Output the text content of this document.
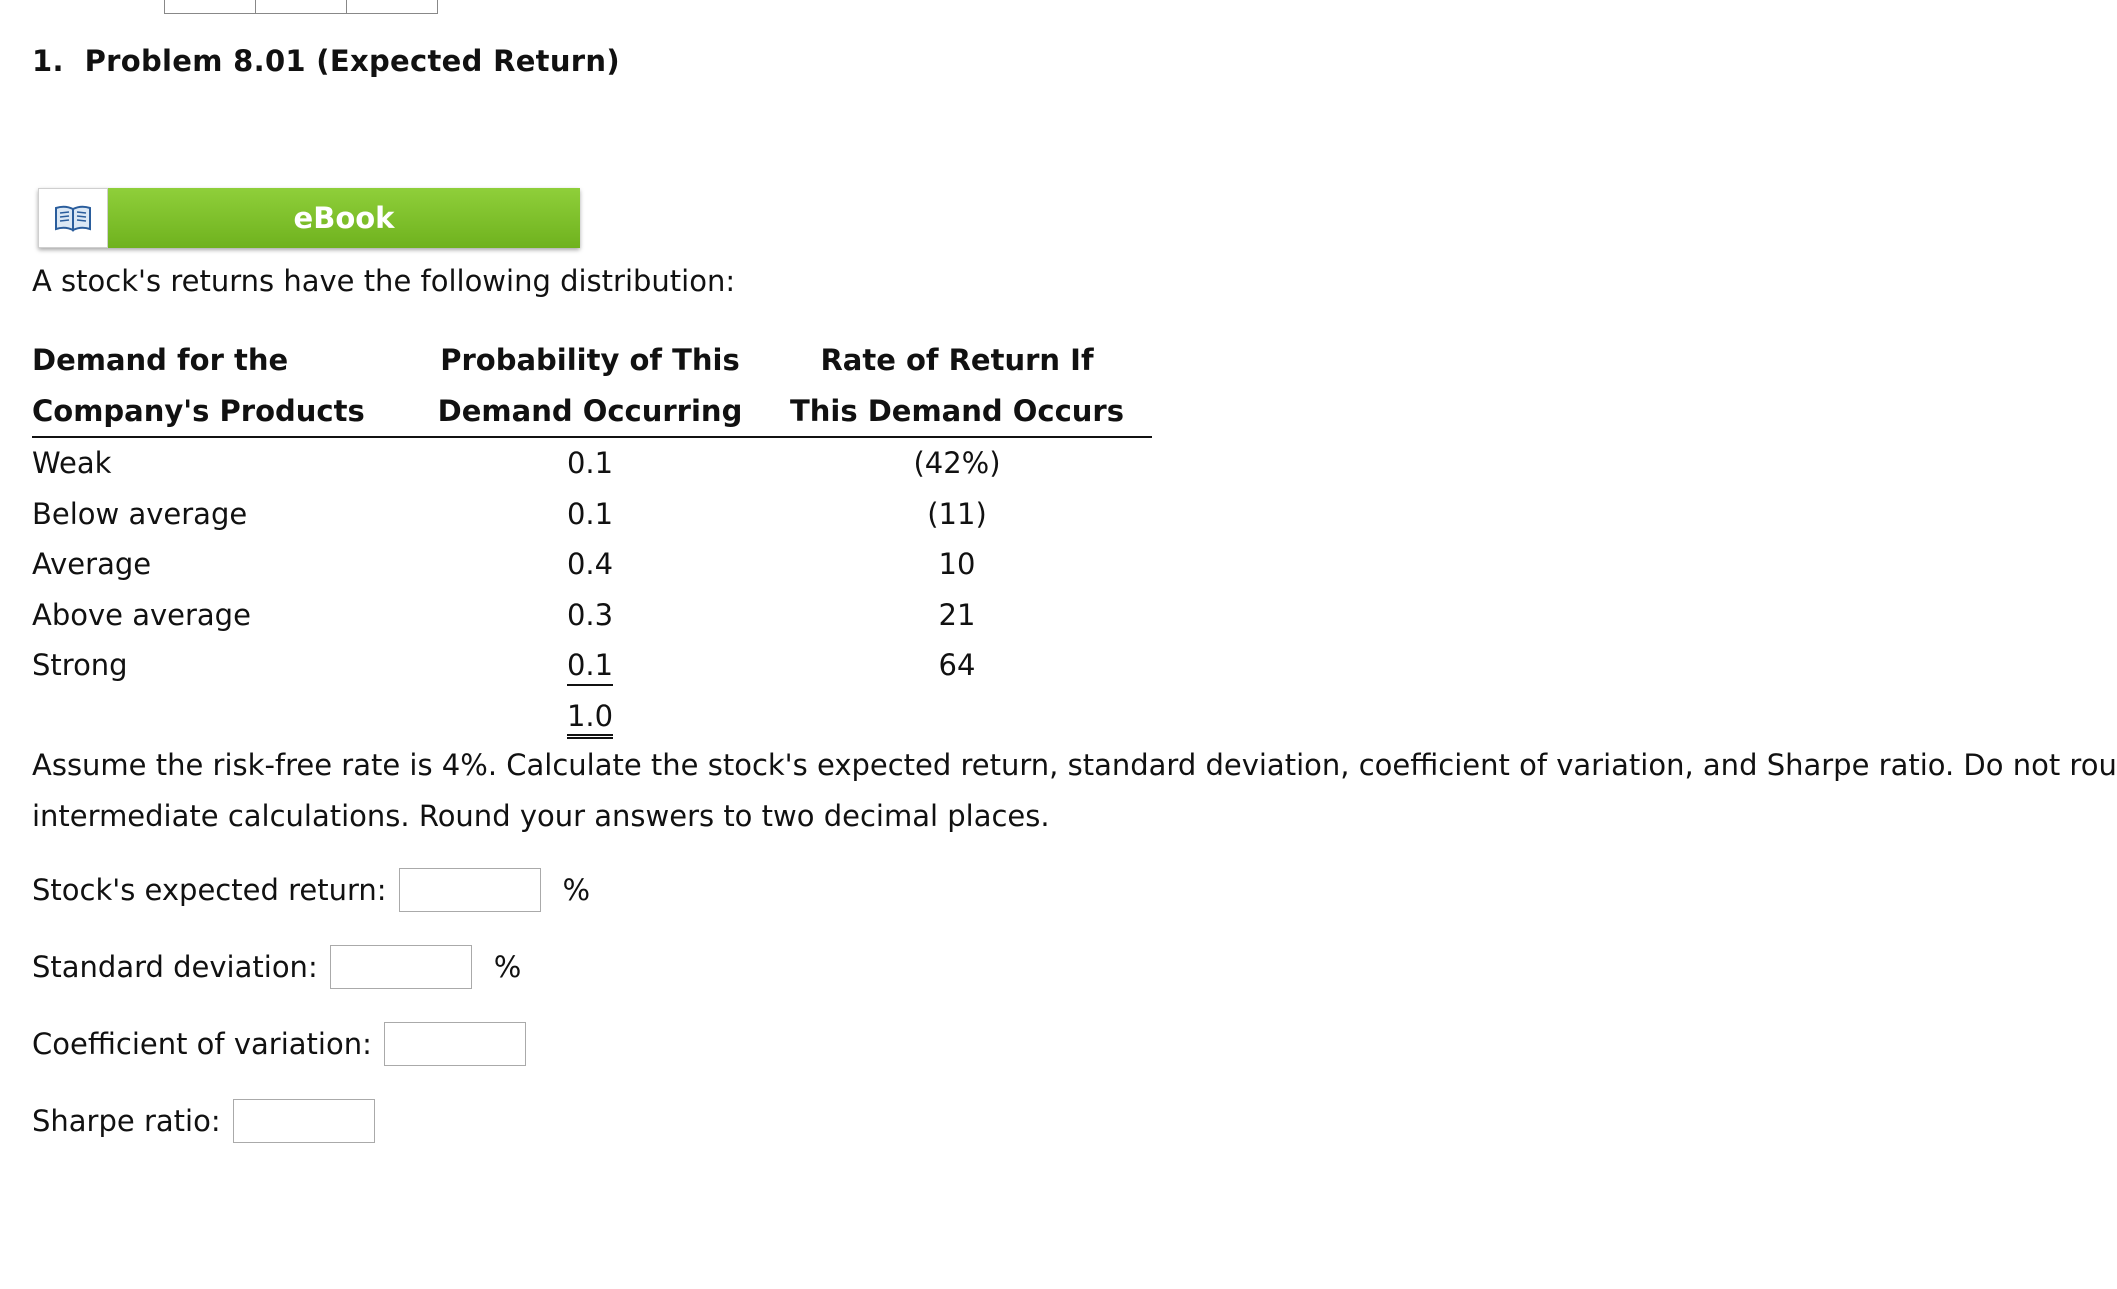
1. Problem 8.01 (Expected Return)
eBook
A stock's returns have the following distribution:
Demand for the	Probability of This	Rate of Return If
Company's Products	Demand Occurring	This Demand Occurs
Weak	0.1	(42%)
Below average	0.1	(11)
Average	0.4	10
Above average	0.3	21
Strong	0.1	64
	1.0	
Assume the risk-free rate is 4%. Calculate the stock's expected return, standard deviation, coefficient of variation, and Sharpe ratio. Do not rou
intermediate calculations. Round your answers to two decimal places.
Stock's expected return:	%
Standard deviation:	%
Coefficient of variation:
Sharpe ratio:
